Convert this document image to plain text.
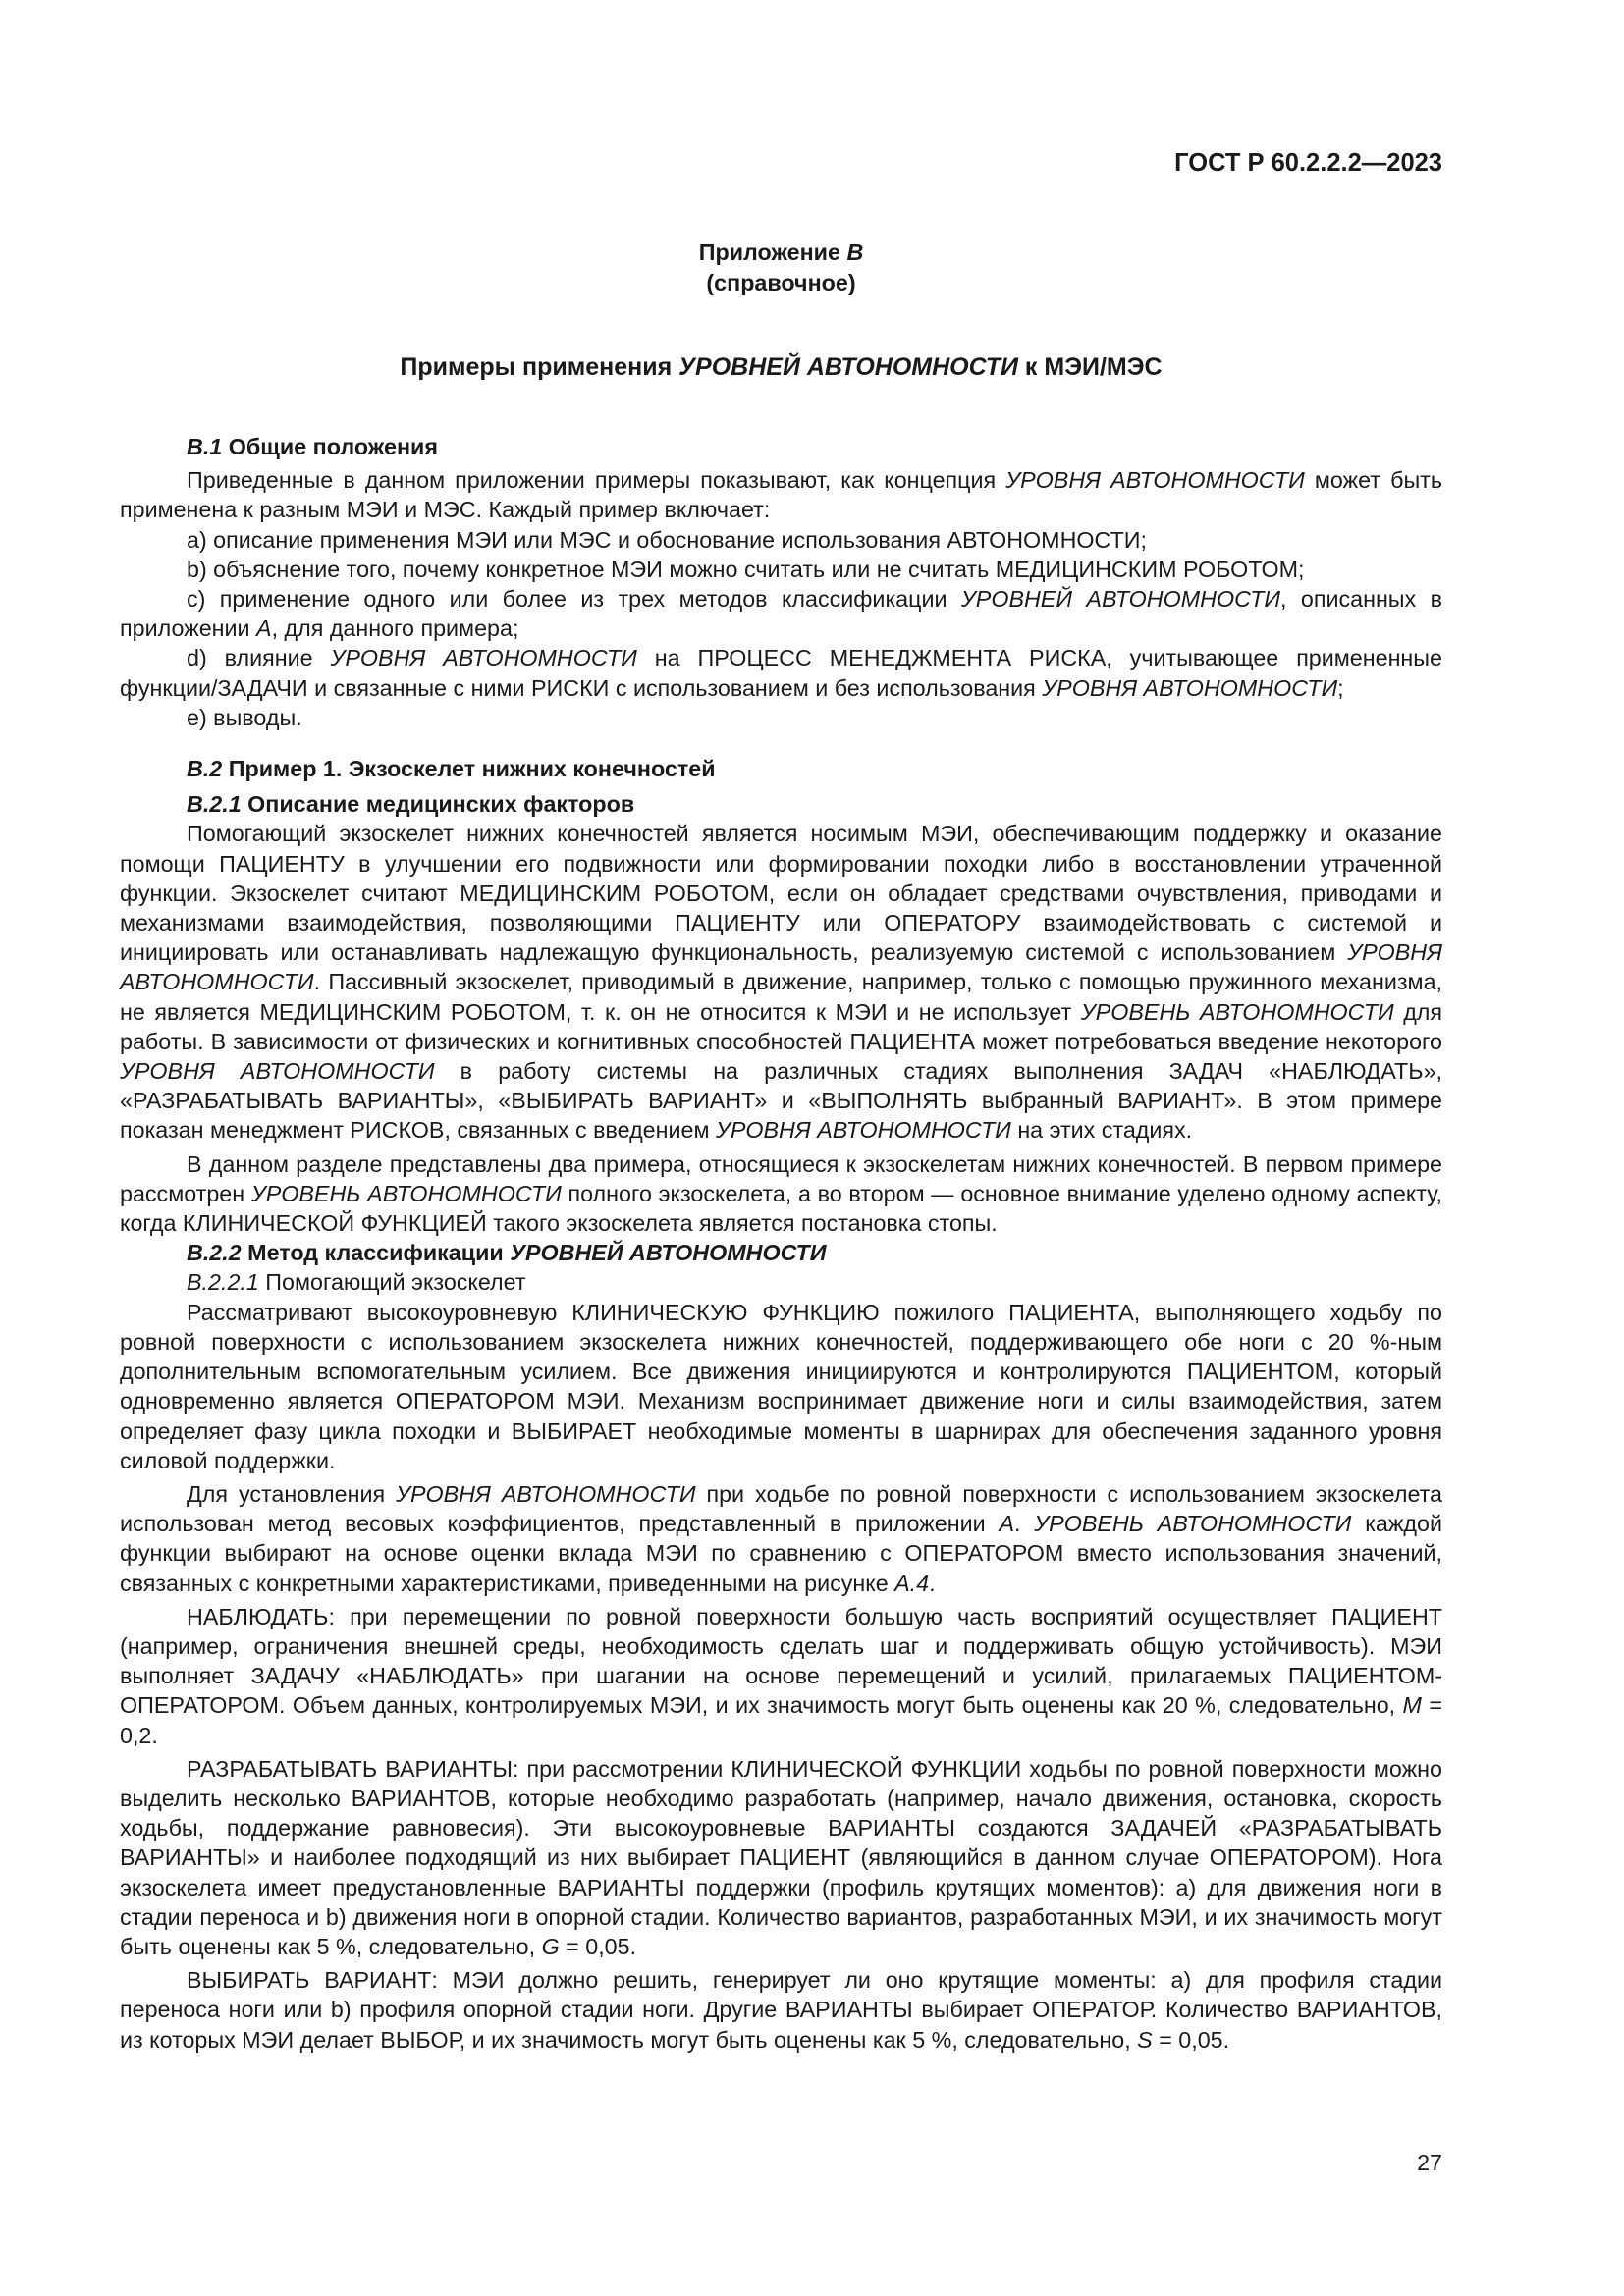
ГОСТ Р 60.2.2.2—2023

Приложение В

(справочное)

Примеры применения УРОВНЕЙ АВТОНОМНОСТИ к МЭИ/МЭС

В.1 Общие положения

Приведенные в данном приложении примеры показывают, как концепция УРОВНЯ АВТОНОМНОСТИ может быть применена к разным МЭИ и МЭС. Каждый пример включает:

a) описание применения МЭИ или МЭС и обоснование использования АВТОНОМНОСТИ;

b) объяснение того, почему конкретное МЭИ можно считать или не считать МЕДИЦИНСКИМ РОБОТОМ;

c) применение одного или более из трех методов классификации УРОВНЕЙ АВТОНОМНОСТИ, описанных в приложении А, для данного примера;

d) влияние УРОВНЯ АВТОНОМНОСТИ на ПРОЦЕСС МЕНЕДЖМЕНТА РИСКА, учитывающее примененные функции/ЗАДАЧИ и связанные с ними РИСКИ с использованием и без использования УРОВНЯ АВТОНОМНОСТИ;

e) выводы.

В.2 Пример 1. Экзоскелет нижних конечностей

В.2.1 Описание медицинских факторов

Помогающий экзоскелет нижних конечностей является носимым МЭИ, обеспечивающим поддержку и оказание помощи ПАЦИЕНТУ в улучшении его подвижности или формировании походки либо в восстановлении утраченной функции. Экзоскелет считают МЕДИЦИНСКИМ РОБОТОМ, если он обладает средствами очувствления, приводами и механизмами взаимодействия, позволяющими ПАЦИЕНТУ или ОПЕРАТОРУ взаимодействовать с системой и инициировать или останавливать надлежащую функциональность, реализуемую системой с использованием УРОВНЯ АВТОНОМНОСТИ. Пассивный экзоскелет, приводимый в движение, например, только с помощью пружинного механизма, не является МЕДИЦИНСКИМ РОБОТОМ, т. к. он не относится к МЭИ и не использует УРОВЕНЬ АВТОНОМНОСТИ для работы. В зависимости от физических и когнитивных способностей ПАЦИЕНТА может потребоваться введение некоторого УРОВНЯ АВТОНОМНОСТИ в работу системы на различных стадиях выполнения ЗАДАЧ «НАБЛЮДАТЬ», «РАЗРАБАТЫВАТЬ ВАРИАНТЫ», «ВЫБИРАТЬ ВАРИАНТ» и «ВЫПОЛНЯТЬ выбранный ВАРИАНТ». В этом примере показан менеджмент РИСКОВ, связанных с введением УРОВНЯ АВТОНОМНОСТИ на этих стадиях.

В данном разделе представлены два примера, относящиеся к экзоскелетам нижних конечностей. В первом примере рассмотрен УРОВЕНЬ АВТОНОМНОСТИ полного экзоскелета, а во втором — основное внимание уделено одному аспекту, когда КЛИНИЧЕСКОЙ ФУНКЦИЕЙ такого экзоскелета является постановка стопы.

В.2.2 Метод классификации УРОВНЕЙ АВТОНОМНОСТИ

В.2.2.1 Помогающий экзоскелет

Рассматривают высокоуровневую КЛИНИЧЕСКУЮ ФУНКЦИЮ пожилого ПАЦИЕНТА, выполняющего ходьбу по ровной поверхности с использованием экзоскелета нижних конечностей, поддерживающего обе ноги с 20 %-ным дополнительным вспомогательным усилием. Все движения инициируются и контролируются ПАЦИЕНТОМ, который одновременно является ОПЕРАТОРОМ МЭИ. Механизм воспринимает движение ноги и силы взаимодействия, затем определяет фазу цикла походки и ВЫБИРАЕТ необходимые моменты в шарнирах для обеспечения заданного уровня силовой поддержки.

Для установления УРОВНЯ АВТОНОМНОСТИ при ходьбе по ровной поверхности с использованием экзоскелета использован метод весовых коэффициентов, представленный в приложении А. УРОВЕНЬ АВТОНОМНОСТИ каждой функции выбирают на основе оценки вклада МЭИ по сравнению с ОПЕРАТОРОМ вместо использования значений, связанных с конкретными характеристиками, приведенными на рисунке А.4.

НАБЛЮДАТЬ: при перемещении по ровной поверхности большую часть восприятий осуществляет ПАЦИЕНТ (например, ограничения внешней среды, необходимость сделать шаг и поддерживать общую устойчивость). МЭИ выполняет ЗАДАЧУ «НАБЛЮДАТЬ» при шагании на основе перемещений и усилий, прилагаемых ПАЦИЕНТОМ-ОПЕРАТОРОМ. Объем данных, контролируемых МЭИ, и их значимость могут быть оценены как 20 %, следовательно, М = 0,2.

РАЗРАБАТЫВАТЬ ВАРИАНТЫ: при рассмотрении КЛИНИЧЕСКОЙ ФУНКЦИИ ходьбы по ровной поверхности можно выделить несколько ВАРИАНТОВ, которые необходимо разработать (например, начало движения, остановка, скорость ходьбы, поддержание равновесия). Эти высокоуровневые ВАРИАНТЫ создаются ЗАДАЧЕЙ «РАЗРАБАТЫВАТЬ ВАРИАНТЫ» и наиболее подходящий из них выбирает ПАЦИЕНТ (являющийся в данном случае ОПЕРАТОРОМ). Нога экзоскелета имеет предустановленные ВАРИАНТЫ поддержки (профиль крутящих моментов): a) для движения ноги в стадии переноса и b) движения ноги в опорной стадии. Количество вариантов, разработанных МЭИ, и их значимость могут быть оценены как 5 %, следовательно, G = 0,05.

ВЫБИРАТЬ ВАРИАНТ: МЭИ должно решить, генерирует ли оно крутящие моменты: a) для профиля стадии переноса ноги или b) профиля опорной стадии ноги. Другие ВАРИАНТЫ выбирает ОПЕРАТОР. Количество ВАРИАНТОВ, из которых МЭИ делает ВЫБОР, и их значимость могут быть оценены как 5 %, следовательно, S = 0,05.

27
